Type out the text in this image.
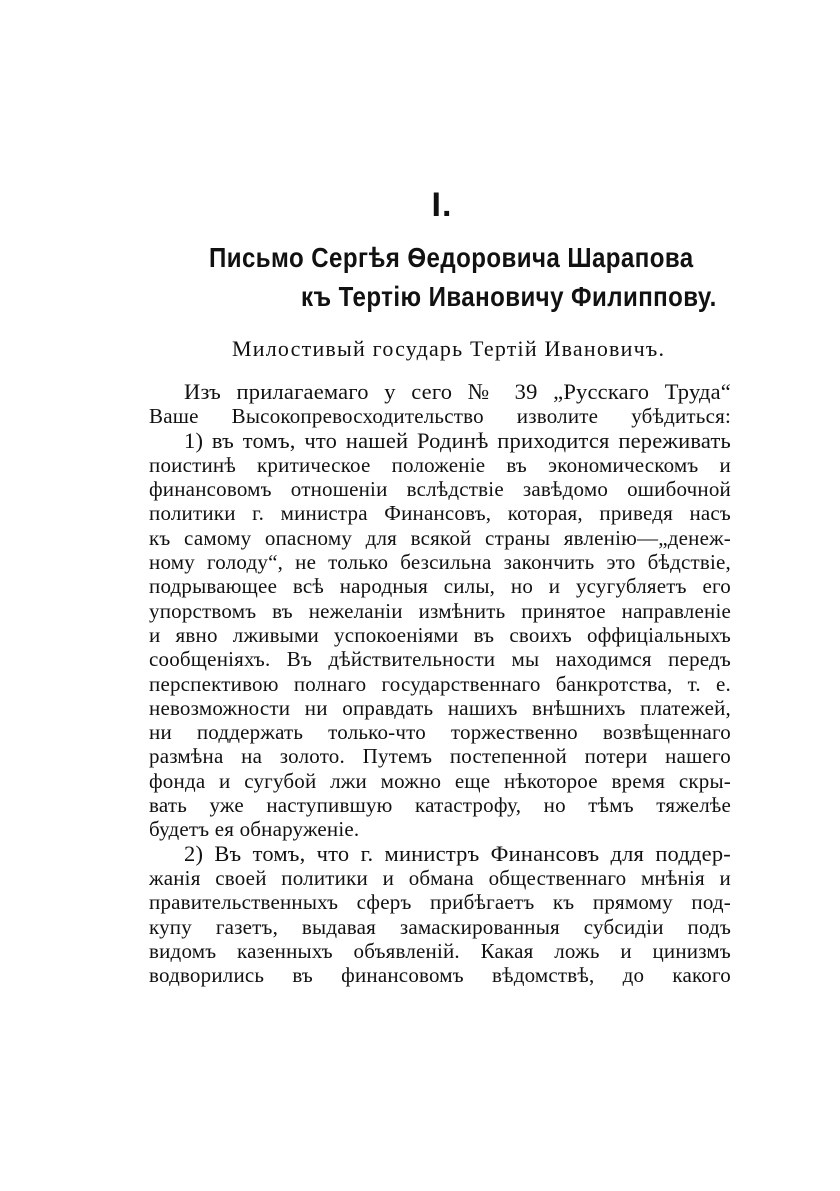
I.
Письмо Сергѣя Ѳедоровича Шарапова
къ Тертію Ивановичу Филиппову.
Милостивый государь Тертій Ивановичъ.
Изъ прилагаемаго у сего № 39 „Русскаго Труда“
Ваше Высокопревосходительство изволите убѣдиться:
1) въ томъ, что нашей Родинѣ приходится переживать
поистинѣ критическое положеніе въ экономическомъ и
финансовомъ отношеніи вслѣдствіе завѣдомо ошибочной
политики г. министра Финансовъ, которая, приведя насъ
къ самому опасному для всякой страны явленію—„денеж-
ному голоду“, не только безсильна закончить это бѣдствіе,
подрывающее всѣ народныя силы, но и усугубляетъ его
упорствомъ въ нежеланіи измѣнить принятое направленіе
и явно лживыми успокоеніями въ своихъ оффиціальныхъ
сообщеніяхъ. Въ дѣйствительности мы находимся передъ
перспективою полнаго государственнаго банкротства, т. е.
невозможности ни оправдать нашихъ внѣшнихъ платежей,
ни поддержать только-что торжественно возвѣщеннаго
размѣна на золото. Путемъ постепенной потери нашего
фонда и сугубой лжи можно еще нѣкоторое время скры-
вать уже наступившую катастрофу, но тѣмъ тяжелѣе
будетъ ея обнаруженіе.
2) Въ томъ, что г. министръ Финансовъ для поддер-
жанія своей политики и обмана общественнаго мнѣнія и
правительственныхъ сферъ прибѣгаетъ къ прямому под-
купу газетъ, выдавая замаскированныя субсидіи подъ
видомъ казенныхъ объявленій. Какая ложь и цинизмъ
водворились въ финансовомъ вѣдомствѣ, до какого
